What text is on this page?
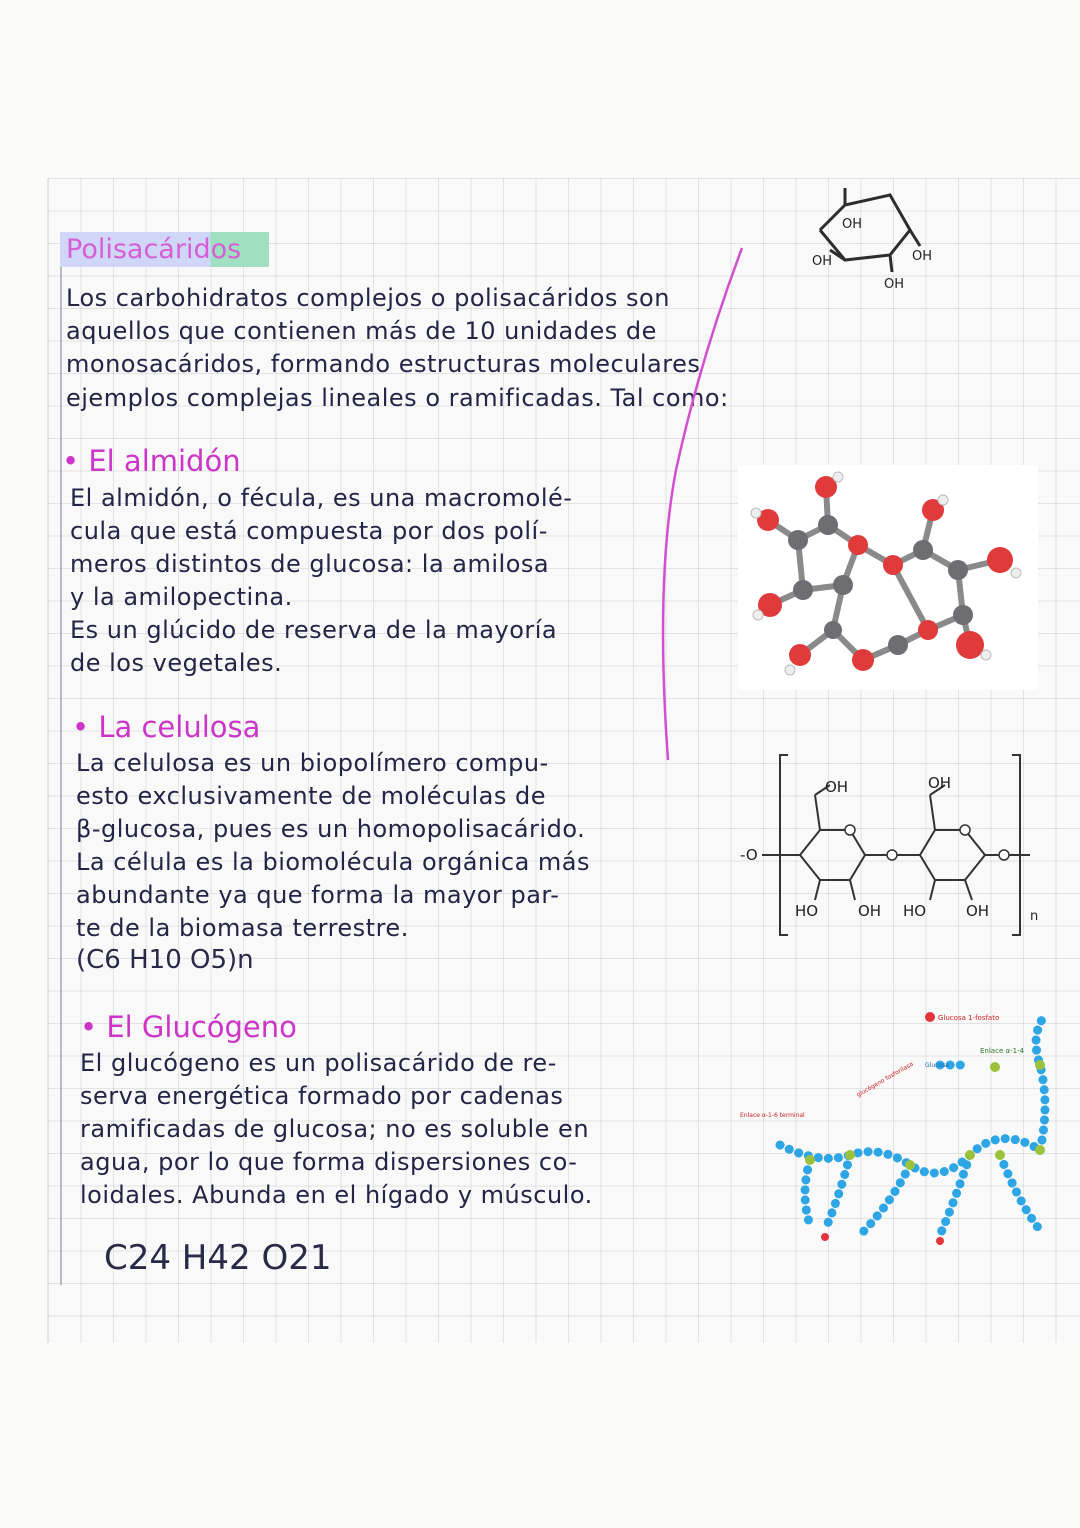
Polisacáridos
OH
OH	OH
OH
Los carbohidratos complejos o polisacáridos son
aquellos que contienen más de 10 unidades de
monosacáridos, formando estructuras moleculares
ejemplos complejas lineales o ramificadas. Tal como:
• El almidón
El almidón, o fécula, es una macromolé-
cula que está compuesta por dos polí-
meros distintos de glucosa: la amilosa
y la amilopectina.
Es un glúcido de reserva de la mayoría
de los vegetales.
• La celulosa
La celulosa es un biopolímero compu-
esto exclusivamente de moléculas de
β-glucosa, pues es un homopolisacárido.
La célula es la biomolécula orgánica más
abundante ya que forma la mayor par-
te de la biomasa terrestre.
(C6 H10 O5)n
-O
OH	OH
HO	OH HO	OH	n
• El Glucógeno
El glucógeno es un polisacárido de re-
serva energética formado por cadenas
ramificadas de glucosa; no es soluble en
agua, por lo que forma dispersiones co-
loidales. Abunda en el hígado y músculo.
C24 H42 O21
Glucosa 1-fosfato
Enlace α-1-4
glucógeno fosforilasa Glucosa
Enlace α-1-6 terminal
